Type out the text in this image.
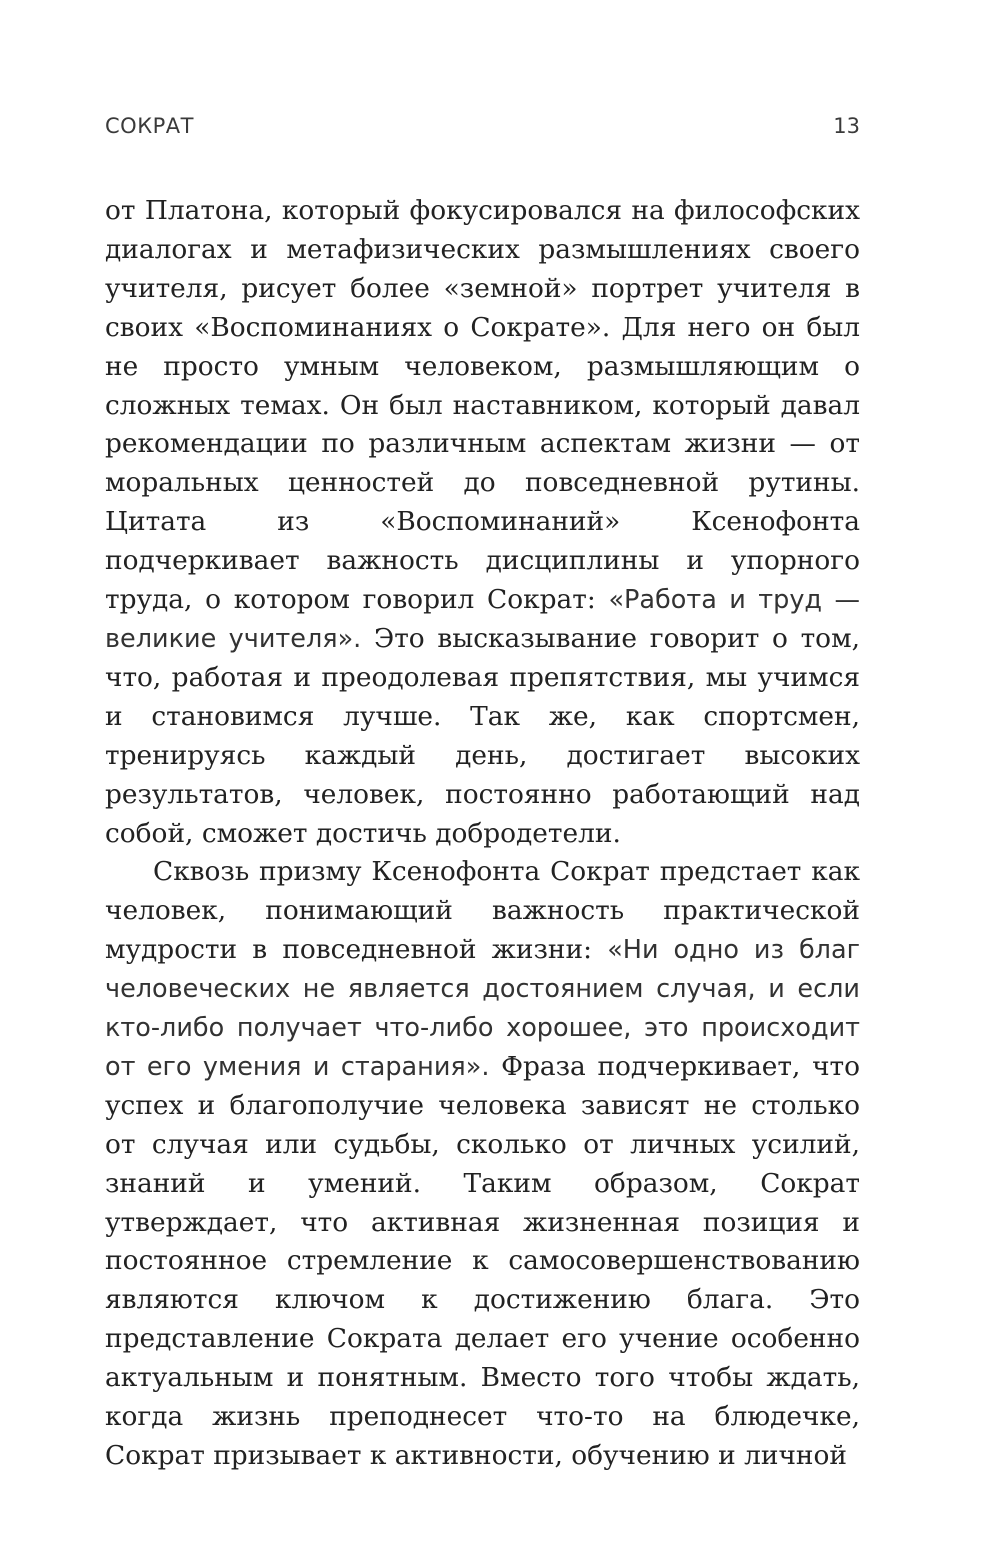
СОКРАТ	13

от Платона, который фокусировался на философских диалогах и метафизических размышлениях своего учителя, рисует более «земной» портрет учителя в своих «Воспоминаниях о Сократе». Для него он был не просто умным человеком, размышляющим о сложных темах. Он был наставником, который давал рекомендации по различным аспектам жизни — от моральных ценностей до повседневной рутины. Цитата из «Воспоминаний» Ксенофонта подчеркивает важность дисциплины и упорного труда, о котором говорил Сократ: «Работа и труд — великие учителя». Это высказывание говорит о том, что, работая и преодолевая препятствия, мы учимся и становимся лучше. Так же, как спортсмен, тренируясь каждый день, достигает высоких результатов, человек, постоянно работающий над собой, сможет достичь добродетели.

Сквозь призму Ксенофонта Сократ предстает как человек, понимающий важность практической мудрости в повседневной жизни: «Ни одно из благ человеческих не является достоянием случая, и если кто-либо получает что-либо хорошее, это происходит от его умения и старания». Фраза подчеркивает, что успех и благополучие человека зависят не столько от случая или судьбы, сколько от личных усилий, знаний и умений. Таким образом, Сократ утверждает, что активная жизненная позиция и постоянное стремление к самосовершенствованию являются ключом к достижению блага. Это представление Сократа делает его учение особенно актуальным и понятным. Вместо того чтобы ждать, когда жизнь преподнесет что-то на блюдечке, Сократ призывает к активности, обучению и личной
